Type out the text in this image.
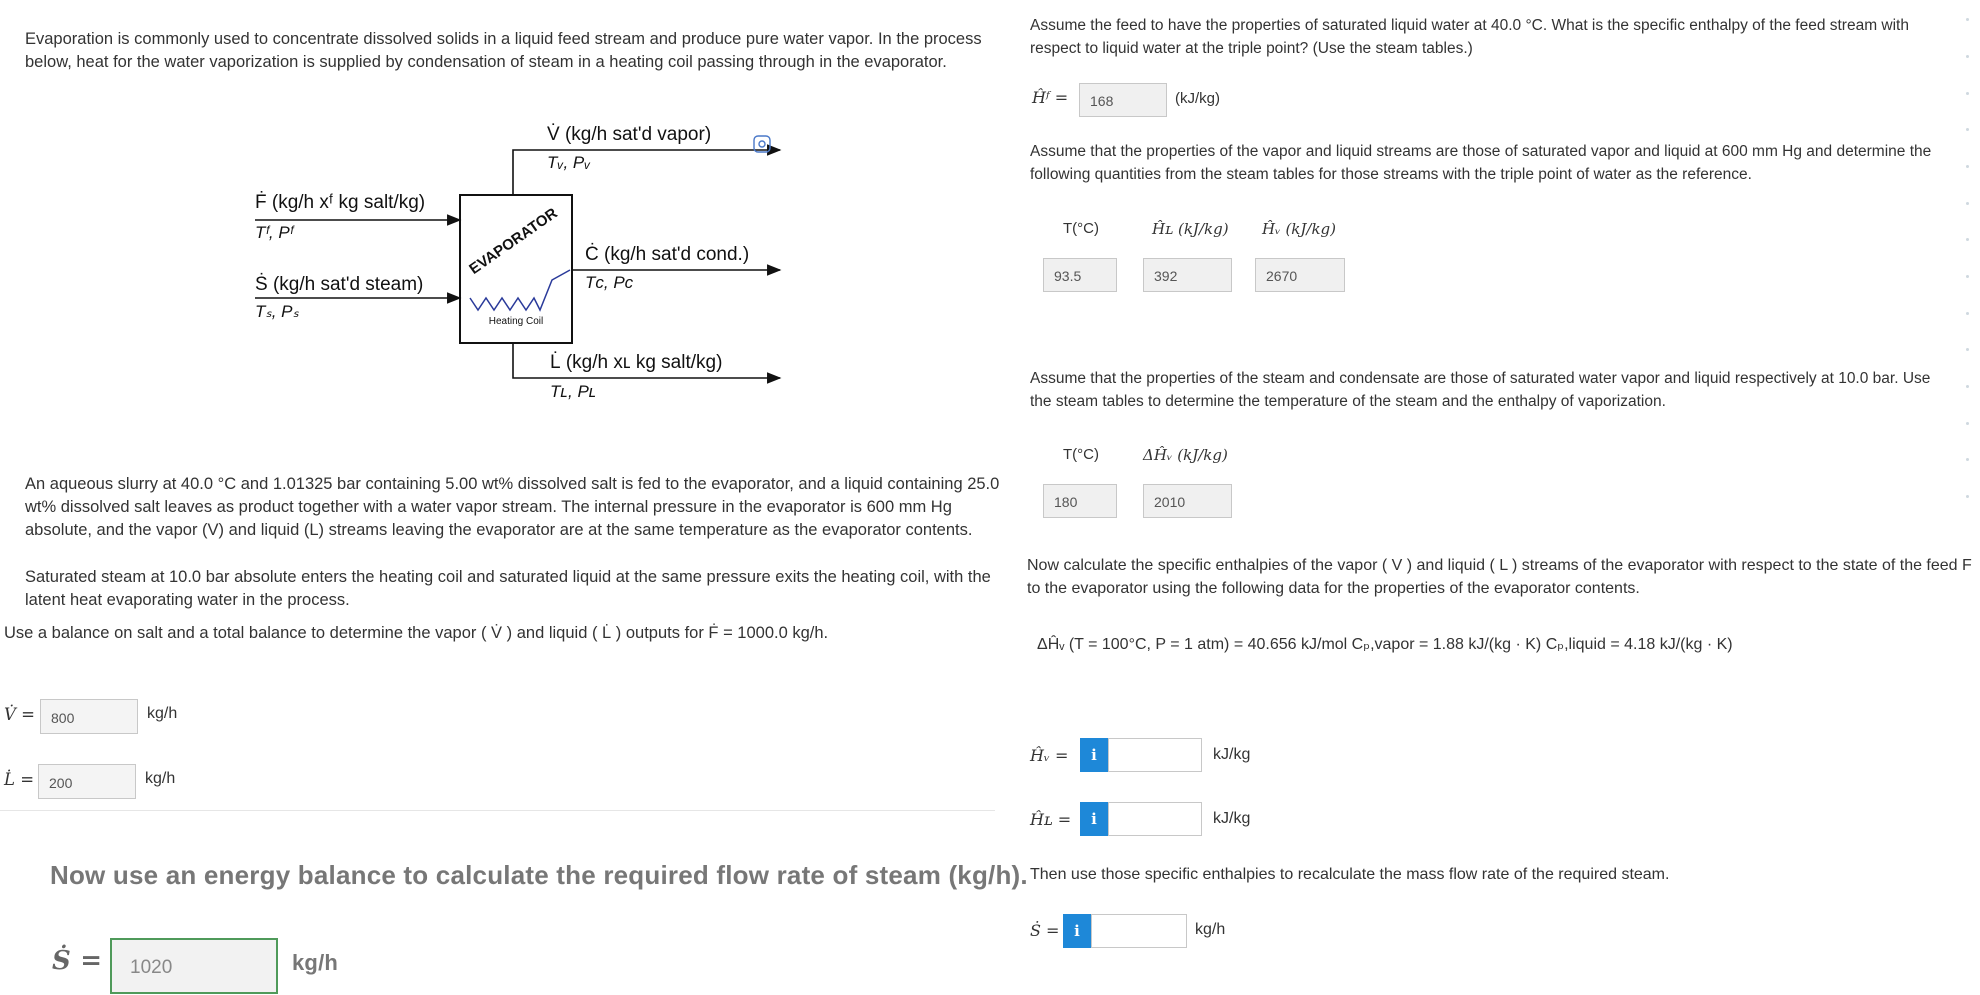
Evaporation is commonly used to concentrate dissolved solids in a liquid feed stream and produce pure water vapor. In the process below, heat for the water vaporization is supplied by condensation of steam in a heating coil passing through in the evaporator.
EVAPORATOR
Heating Coil
V̇ (kg/h sat'd vapor)
Tᵥ, Pᵥ
Ḟ (kg/h xᶠ kg salt/kg)
Tᶠ, Pᶠ
Ṡ (kg/h sat'd steam)
Tₛ, Pₛ
Ċ (kg/h sat'd cond.)
Tᴄ, Pᴄ
L̇ (kg/h xʟ kg salt/kg)
Tʟ, Pʟ
An aqueous slurry at 40.0 °C and 1.01325 bar containing 5.00 wt% dissolved salt is fed to the evaporator, and a liquid containing 25.0 wt% dissolved salt leaves as product together with a water vapor stream. The internal pressure in the evaporator is 600 mm Hg absolute, and the vapor (V) and liquid (L) streams leaving the evaporator are at the same temperature as the evaporator contents.
Saturated steam at 10.0 bar absolute enters the heating coil and saturated liquid at the same pressure exits the heating coil, with the latent heat evaporating water in the process.
Use a balance on salt and a total balance to determine the vapor ( V̇ ) and liquid ( L̇ ) outputs for Ḟ = 1000.0 kg/h.
V̇ =	800	kg/h
L̇ =	200	kg/h
Now use an energy balance to calculate the required flow rate of steam (kg/h).
Ṡ =	1020	kg/h
Assume the feed to have the properties of saturated liquid water at 40.0 °C. What is the specific enthalpy of the feed stream with respect to liquid water at the triple point? (Use the steam tables.)
Ĥᶠ =	168	(kJ/kg)
Assume that the properties of the vapor and liquid streams are those of saturated vapor and liquid at 600 mm Hg and determine the following quantities from the steam tables for those streams with the triple point of water as the reference.
T(°C)	Ĥʟ (kJ/kg) Ĥᵥ (kJ/kg)
93.5	392	2670
Assume that the properties of the steam and condensate are those of saturated water vapor and liquid respectively at 10.0 bar. Use the steam tables to determine the temperature of the steam and the enthalpy of vaporization.
T(°C)	ΔĤᵥ (kJ/kg)
180	2010
Now calculate the specific enthalpies of the vapor ( V ) and liquid ( L ) streams of the evaporator with respect to the state of the feed F to the evaporator using the following data for the properties of the evaporator contents.
ΔĤᵥ (T = 100°C, P = 1 atm) = 40.656 kJ/mol Cₚ,vapor = 1.88 kJ/(kg · K) Cₚ,liquid = 4.18 kJ/(kg · K)
Ĥᵥ =	i	kJ/kg
Ĥʟ =	i	kJ/kg
Then use those specific enthalpies to recalculate the mass flow rate of the required steam.
Ṡ = i	kg/h
